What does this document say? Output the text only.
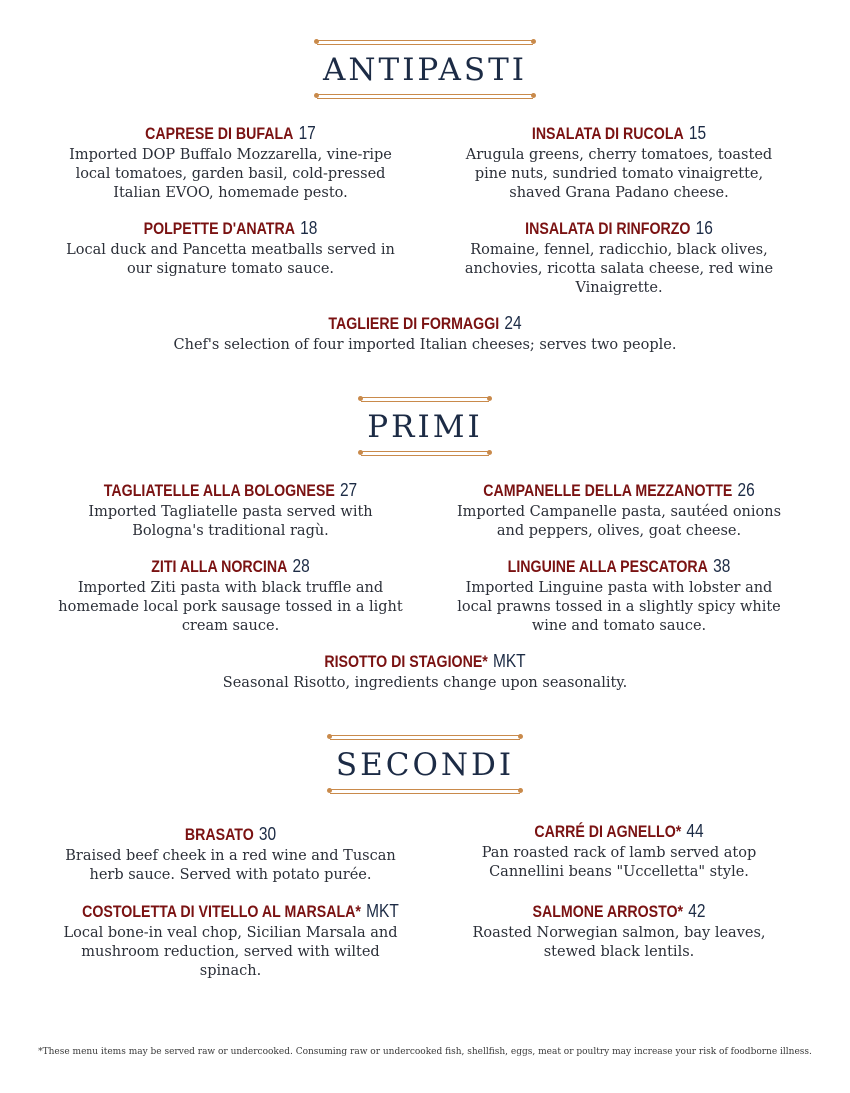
ANTIPASTI
CAPRESE DI BUFALA 17
Imported DOP Buffalo Mozzarella, vine-ripe local tomatoes, garden basil, cold-pressed Italian EVOO, homemade pesto.
INSALATA DI RUCOLA 15
Arugula greens, cherry tomatoes, toasted pine nuts, sundried tomato vinaigrette, shaved Grana Padano cheese.
POLPETTE D'ANATRA 18
Local duck and Pancetta meatballs served in our signature tomato sauce.
INSALATA DI RINFORZO 16
Romaine, fennel, radicchio, black olives, anchovies, ricotta salata cheese, red wine Vinaigrette.
TAGLIERE DI FORMAGGI 24
Chef's selection of four imported Italian cheeses; serves two people.
PRIMI
TAGLIATELLE ALLA BOLOGNESE 27
Imported Tagliatelle pasta served with Bologna's traditional ragù.
CAMPANELLE DELLA MEZZANOTTE 26
Imported Campanelle pasta, sautéed onions and peppers, olives, goat cheese.
ZITI ALLA NORCINA 28
Imported Ziti pasta with black truffle and homemade local pork sausage tossed in a light cream sauce.
LINGUINE ALLA PESCATORA 38
Imported Linguine pasta with lobster and local prawns tossed in a slightly spicy white wine and tomato sauce.
RISOTTO DI STAGIONE* MKT
Seasonal Risotto, ingredients change upon seasonality.
SECONDI
BRASATO 30
Braised beef cheek in a red wine and Tuscan herb sauce. Served with potato purée.
CARRÉ DI AGNELLO* 44
Pan roasted rack of lamb served atop Cannellini beans "Uccelletta" style.
COSTOLETTA DI VITELLO AL MARSALA* MKT
Local bone-in veal chop, Sicilian Marsala and mushroom reduction, served with wilted spinach.
SALMONE ARROSTO* 42
Roasted Norwegian salmon, bay leaves, stewed black lentils.
*These menu items may be served raw or undercooked. Consuming raw or undercooked fish, shellfish, eggs, meat or poultry may increase your risk of foodborne illness.
